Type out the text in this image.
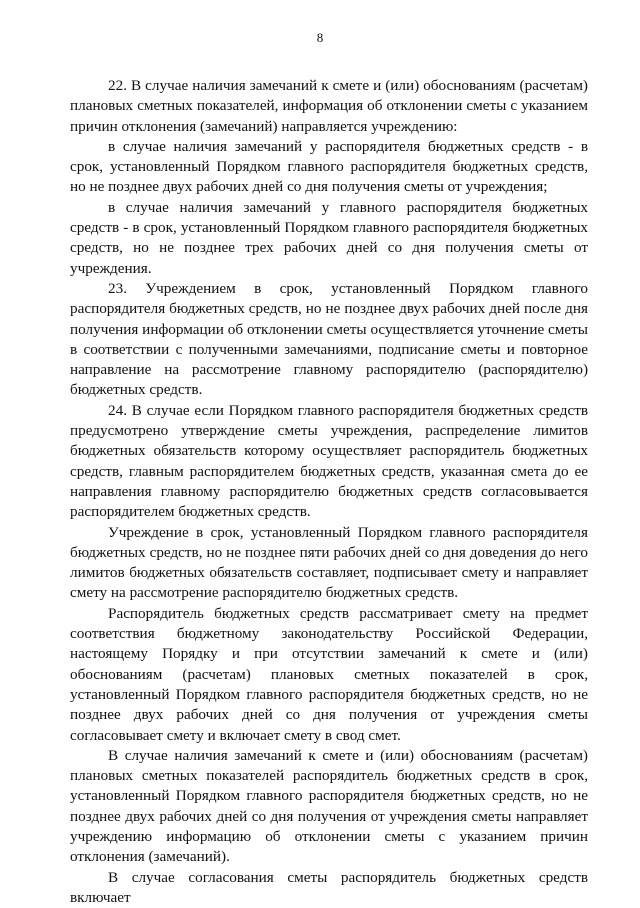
8

22. В случае наличия замечаний к смете и (или) обоснованиям (расчетам) плановых сметных показателей, информация об отклонении сметы с указанием причин отклонения (замечаний) направляется учреждению:

в случае наличия замечаний у распорядителя бюджетных средств - в срок, установленный Порядком главного распорядителя бюджетных средств, но не позднее двух рабочих дней со дня получения сметы от учреждения;

в случае наличия замечаний у главного распорядителя бюджетных средств - в срок, установленный Порядком главного распорядителя бюджетных средств, но не позднее трех рабочих дней со дня получения сметы от учреждения.

23. Учреждением в срок, установленный Порядком главного распорядителя бюджетных средств, но не позднее двух рабочих дней после дня получения информации об отклонении сметы осуществляется уточнение сметы в соответствии с полученными замечаниями, подписание сметы и повторное направление на рассмотрение главному распорядителю (распорядителю) бюджетных средств.

24. В случае если Порядком главного распорядителя бюджетных средств предусмотрено утверждение сметы учреждения, распределение лимитов бюджетных обязательств которому осуществляет распорядитель бюджетных средств, главным распорядителем бюджетных средств, указанная смета до ее направления главному распорядителю бюджетных средств согласовывается распорядителем бюджетных средств.

Учреждение в срок, установленный Порядком главного распорядителя бюджетных средств, но не позднее пяти рабочих дней со дня доведения до него лимитов бюджетных обязательств составляет, подписывает смету и направляет смету на рассмотрение распорядителю бюджетных средств.

Распорядитель бюджетных средств рассматривает смету на предмет соответствия бюджетному законодательству Российской Федерации, настоящему Порядку и при отсутствии замечаний к смете и (или) обоснованиям (расчетам) плановых сметных показателей в срок, установленный Порядком главного распорядителя бюджетных средств, но не позднее двух рабочих дней со дня получения от учреждения сметы согласовывает смету и включает смету в свод смет.

В случае наличия замечаний к смете и (или) обоснованиям (расчетам) плановых сметных показателей распорядитель бюджетных средств в срок, установленный Порядком главного распорядителя бюджетных средств, но не позднее двух рабочих дней со дня получения от учреждения сметы направляет учреждению информацию об отклонении сметы с указанием причин отклонения (замечаний).

В случае согласования сметы распорядитель бюджетных средств включает
